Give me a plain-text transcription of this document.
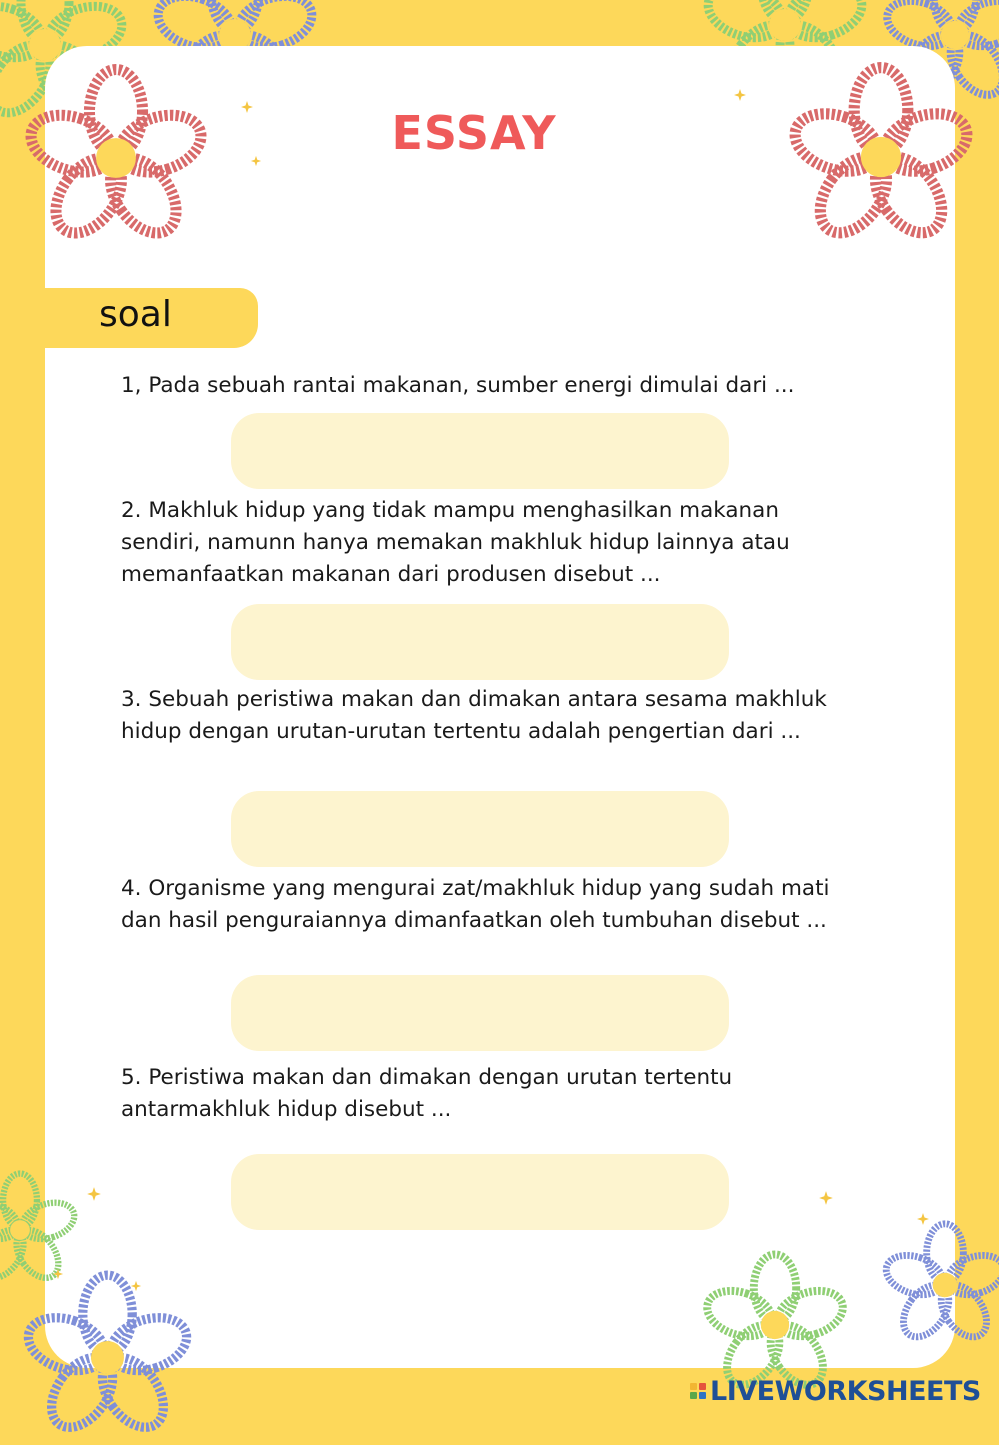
ESSAY
soal

1, Pada sebuah rantai makanan, sumber energi dimulai dari ...

2. Makhluk hidup yang tidak mampu menghasilkan makanan sendiri, namunn hanya memakan makhluk hidup lainnya atau memanfaatkan makanan dari produsen disebut ...

3. Sebuah peristiwa makan dan dimakan antara sesama makhluk hidup dengan urutan-urutan tertentu adalah pengertian dari ...

4. Organisme yang mengurai zat/makhluk hidup yang sudah mati dan hasil penguraiannya dimanfaatkan oleh tumbuhan disebut ...

5. Peristiwa makan dan dimakan dengan urutan tertentu antarmakhluk hidup disebut ...

LIVEWORKSHEETS
